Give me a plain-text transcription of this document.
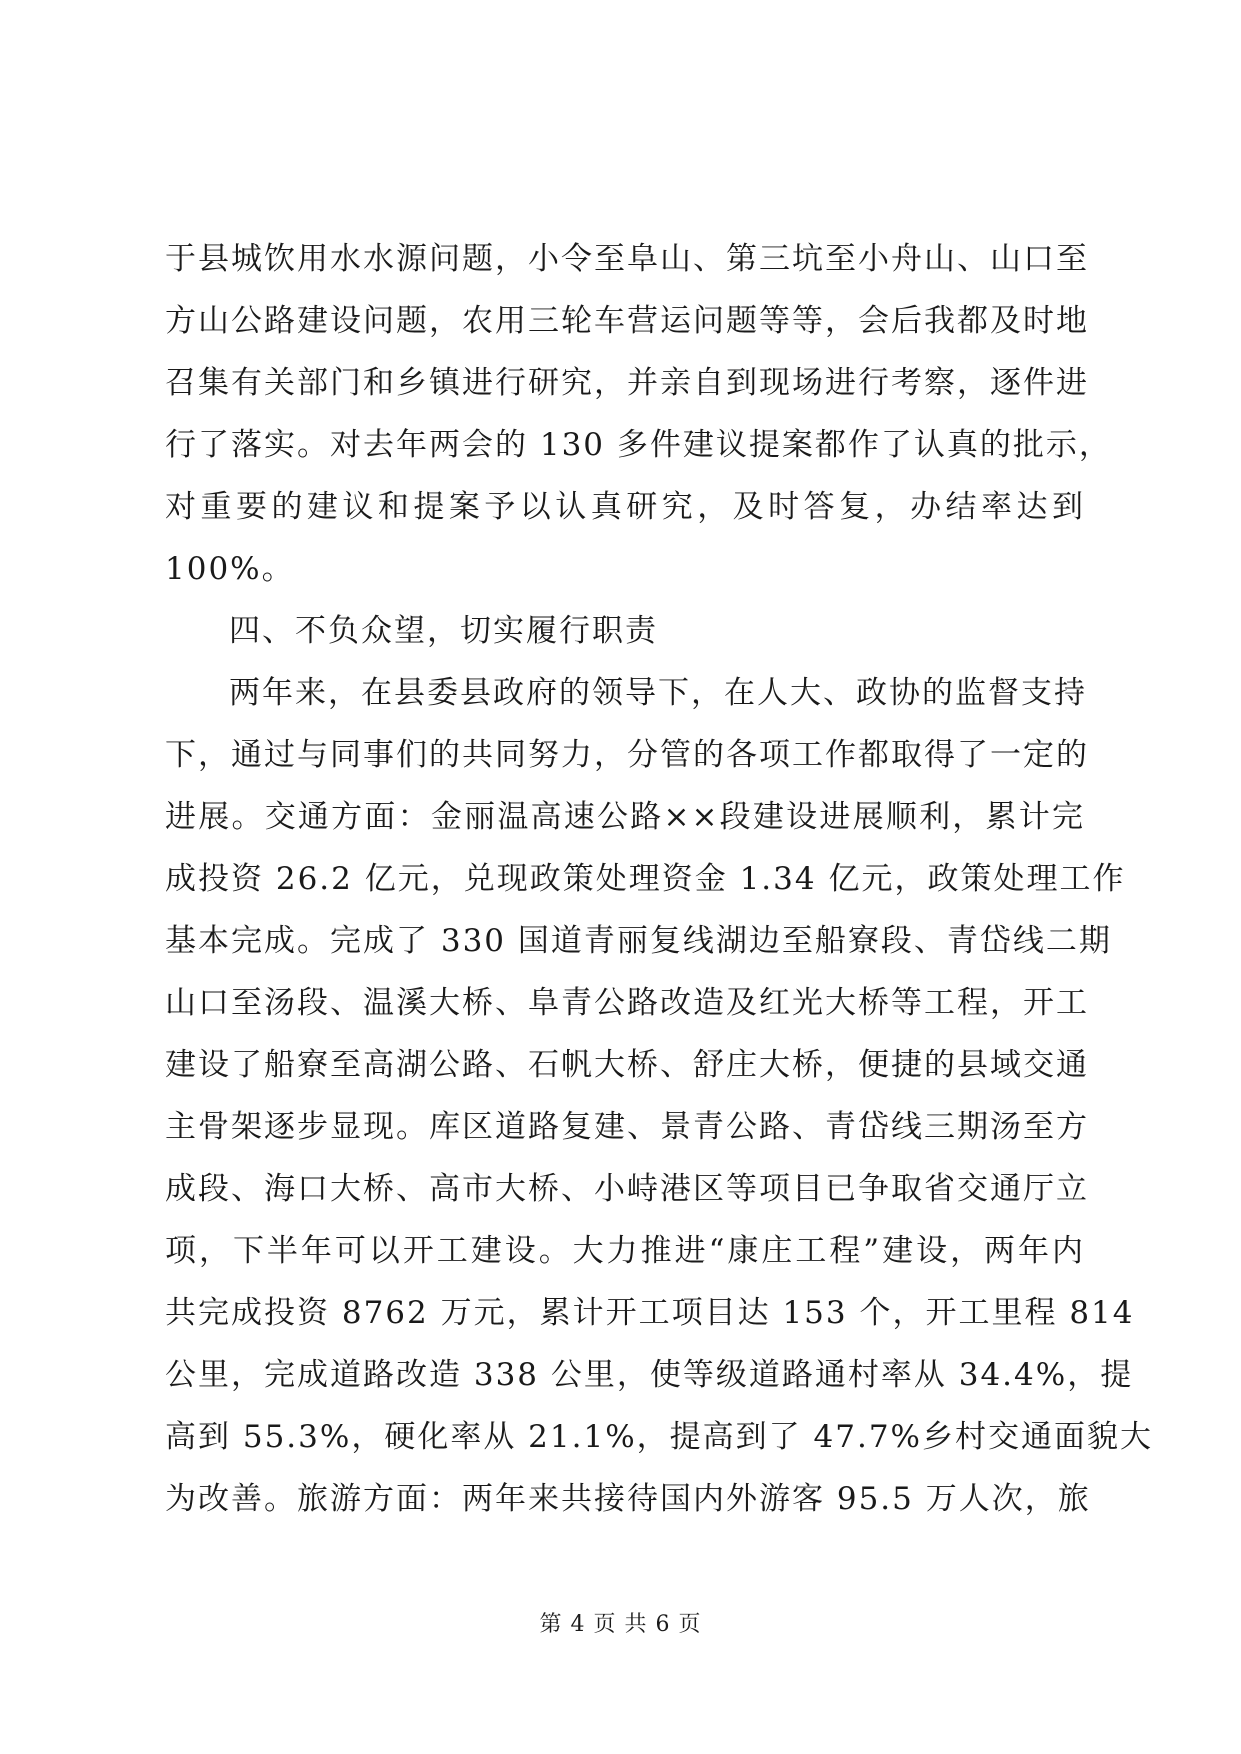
于县城饮用水水源问题，小令至阜山、第三坑至小舟山、山口至
方山公路建设问题，农用三轮车营运问题等等，会后我都及时地
召集有关部门和乡镇进行研究，并亲自到现场进行考察，逐件进
行了落实。对去年两会的 130 多件建议提案都作了认真的批示，
对重要的建议和提案予以认真研究，及时答复，办结率达到
100%。
四、不负众望，切实履行职责
两年来，在县委县政府的领导下，在人大、政协的监督支持
下，通过与同事们的共同努力，分管的各项工作都取得了一定的
进展。交通方面：金丽温高速公路××段建设进展顺利，累计完
成投资 26.2 亿元，兑现政策处理资金 1.34 亿元，政策处理工作
基本完成。完成了 330 国道青丽复线湖边至船寮段、青岱线二期
山口至汤段、温溪大桥、阜青公路改造及红光大桥等工程，开工
建设了船寮至高湖公路、石帆大桥、舒庄大桥，便捷的县域交通
主骨架逐步显现。库区道路复建、景青公路、青岱线三期汤至方
成段、海口大桥、高市大桥、小峙港区等项目已争取省交通厅立
项，下半年可以开工建设。大力推进“康庄工程”建设，两年内
共完成投资 8762 万元，累计开工项目达 153 个，开工里程 814
公里，完成道路改造 338 公里，使等级道路通村率从 34.4%，提
高到 55.3%，硬化率从 21.1%，提高到了 47.7%乡村交通面貌大
为改善。旅游方面：两年来共接待国内外游客 95.5 万人次，旅
第 4 页 共 6 页
